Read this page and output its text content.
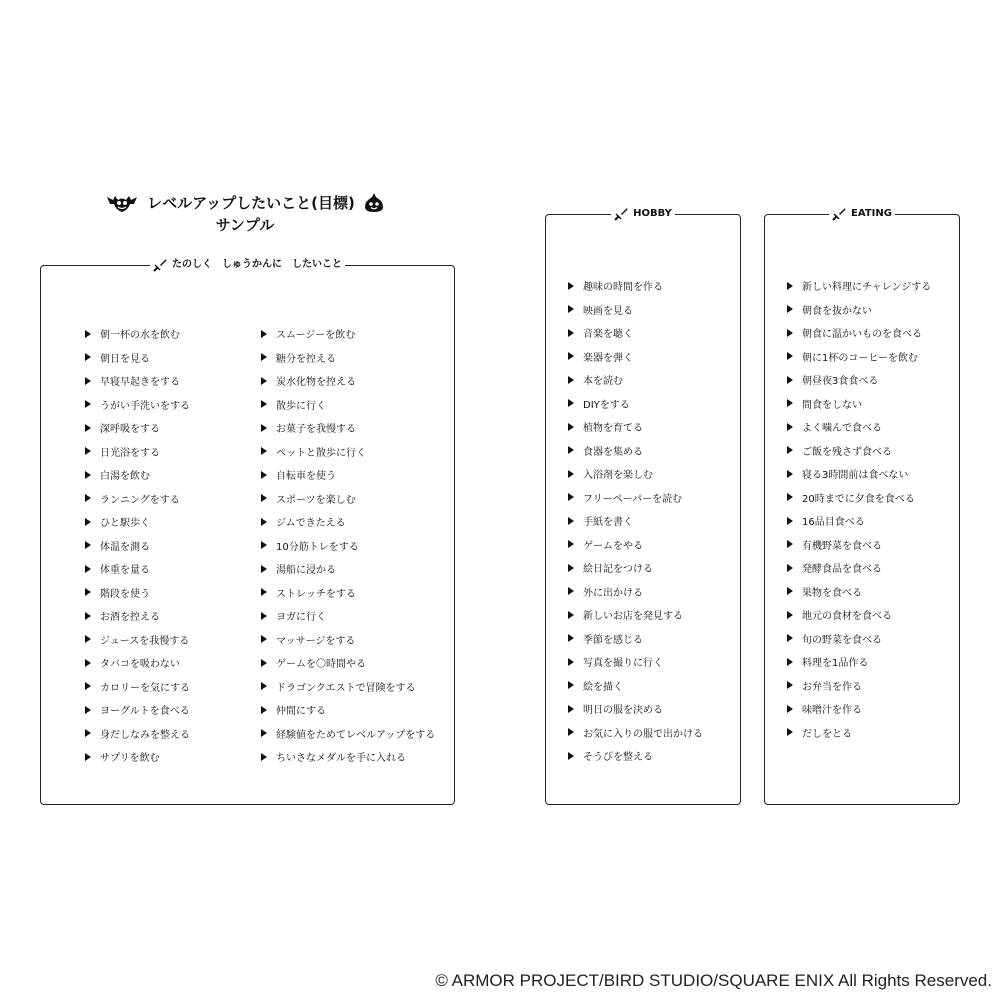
レベルアップしたいこと(目標)
サンプル
たのしく　しゅうかんに　したいこと
朝一杯の水を飲む
朝日を見る
早寝早起きをする
うがい手洗いをする
深呼吸をする
日光浴をする
白湯を飲む
ランニングをする
ひと駅歩く
体温を測る
体重を量る
階段を使う
お酒を控える
ジュースを我慢する
タバコを吸わない
カロリーを気にする
ヨーグルトを食べる
身だしなみを整える
サプリを飲む
スムージーを飲む
糖分を控える
炭水化物を控える
散歩に行く
お菓子を我慢する
ペットと散歩に行く
自転車を使う
スポーツを楽しむ
ジムできたえる
10分筋トレをする
湯船に浸かる
ストレッチをする
ヨガに行く
マッサージをする
ゲームを〇時間やる
ドラゴンクエストで冒険をする
仲間にする
経験値をためてレベルアップをする
ちいさなメダルを手に入れる
HOBBY
趣味の時間を作る
映画を見る
音楽を聴く
楽器を弾く
本を読む
DIYをする
植物を育てる
食器を集める
入浴剤を楽しむ
フリーペーパーを読む
手紙を書く
ゲームをやる
絵日記をつける
外に出かける
新しいお店を発見する
季節を感じる
写真を撮りに行く
絵を描く
明日の服を決める
お気に入りの服で出かける
そうびを整える
EATING
新しい料理にチャレンジする
朝食を抜かない
朝食に温かいものを食べる
朝に1杯のコーヒーを飲む
朝昼夜3食食べる
間食をしない
よく噛んで食べる
ご飯を残さず食べる
寝る3時間前は食べない
20時までに夕食を食べる
16品目食べる
有機野菜を食べる
発酵食品を食べる
果物を食べる
地元の食材を食べる
旬の野菜を食べる
料理を1品作る
お弁当を作る
味噌汁を作る
だしをとる
© ARMOR PROJECT/BIRD STUDIO/SQUARE ENIX All Rights Reserved.
